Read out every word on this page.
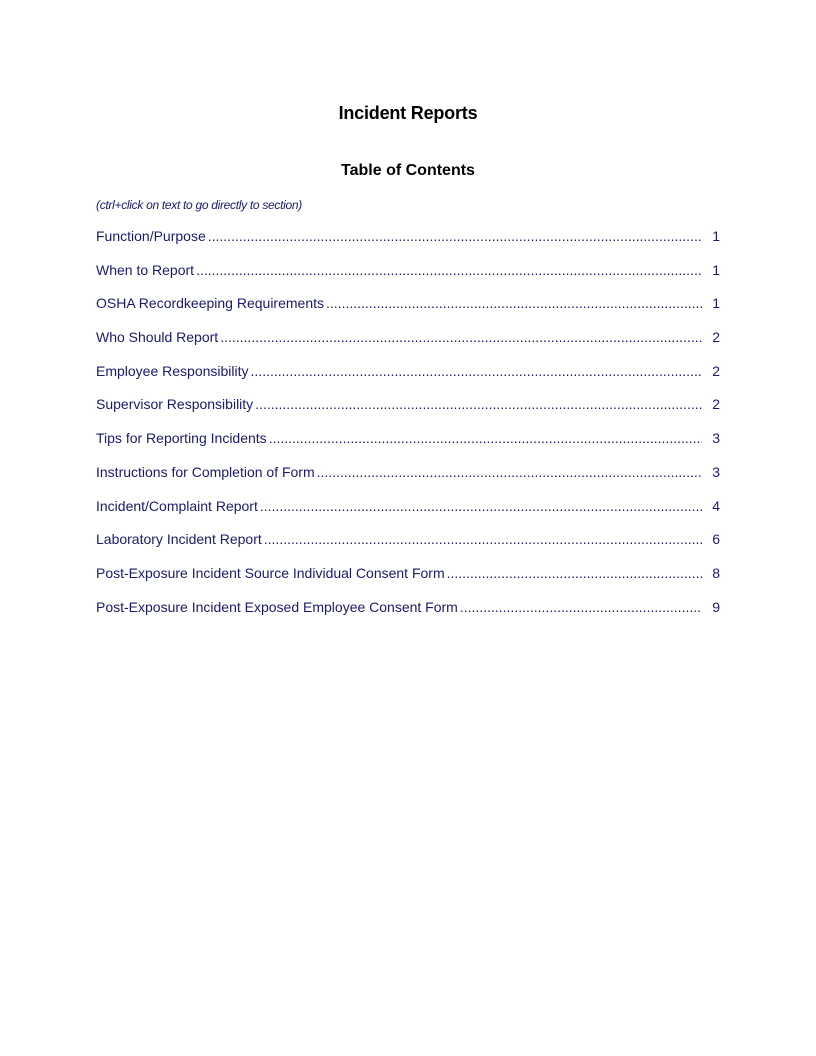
Incident Reports
Table of Contents

(ctrl+click on text to go directly to section)

Function/Purpose .....	1
When to Report .....	1
OSHA Recordkeeping Requirements .....	1
Who Should Report .....	2
Employee Responsibility .....	2
Supervisor Responsibility .....	2
Tips for Reporting Incidents .....	3
Instructions for Completion of Form .....	3
Incident/Complaint Report .....	4
Laboratory Incident Report .....	6
Post-Exposure Incident Source Individual Consent Form .....	8
Post-Exposure Incident Exposed Employee Consent Form .....	9
